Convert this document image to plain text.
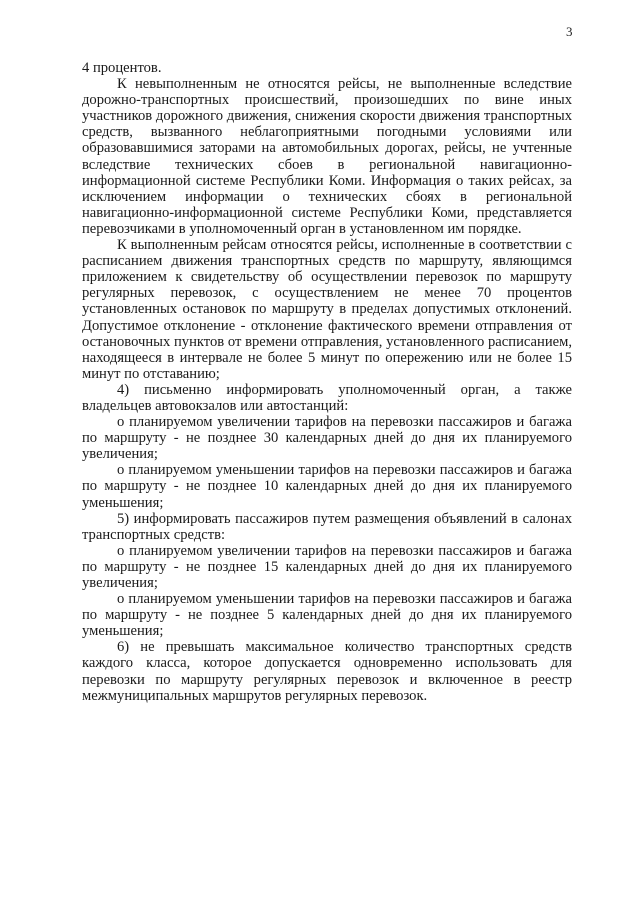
3

4 процентов.

К невыполненным не относятся рейсы, не выполненные вследствие дорожно-транспортных происшествий, произошедших по вине иных участников дорожного движения, снижения скорости движения транспортных средств, вызванного неблагоприятными погодными условиями или образовавшимися заторами на автомобильных дорогах, рейсы, не учтенные вследствие технических сбоев в региональной навигационно-информационной системе Республики Коми. Информация о таких рейсах, за исключением информации о технических сбоях в региональной навигационно-информационной системе Республики Коми, представляется перевозчиками в уполномоченный орган в установленном им порядке.

К выполненным рейсам относятся рейсы, исполненные в соответствии с расписанием движения транспортных средств по маршруту, являющимся приложением к свидетельству об осуществлении перевозок по маршруту регулярных перевозок, с осуществлением не менее 70 процентов установленных остановок по маршруту в пределах допустимых отклонений. Допустимое отклонение - отклонение фактического времени отправления от остановочных пунктов от времени отправления, установленного расписанием, находящееся в интервале не более 5 минут по опережению или не более 15 минут по отставанию;

4) письменно информировать уполномоченный орган, а также владельцев автовокзалов или автостанций:

о планируемом увеличении тарифов на перевозки пассажиров и багажа по маршруту - не позднее 30 календарных дней до дня их планируемого увеличения;

о планируемом уменьшении тарифов на перевозки пассажиров и багажа по маршруту - не позднее 10 календарных дней до дня их планируемого уменьшения;

5) информировать пассажиров путем размещения объявлений в салонах транспортных средств:

о планируемом увеличении тарифов на перевозки пассажиров и багажа по маршруту - не позднее 15 календарных дней до дня их планируемого увеличения;

о планируемом уменьшении тарифов на перевозки пассажиров и багажа по маршруту - не позднее 5 календарных дней до дня их планируемого уменьшения;

6) не превышать максимальное количество транспортных средств каждого класса, которое допускается одновременно использовать для перевозки по маршруту регулярных перевозок и включенное в реестр межмуниципальных маршрутов регулярных перевозок.
